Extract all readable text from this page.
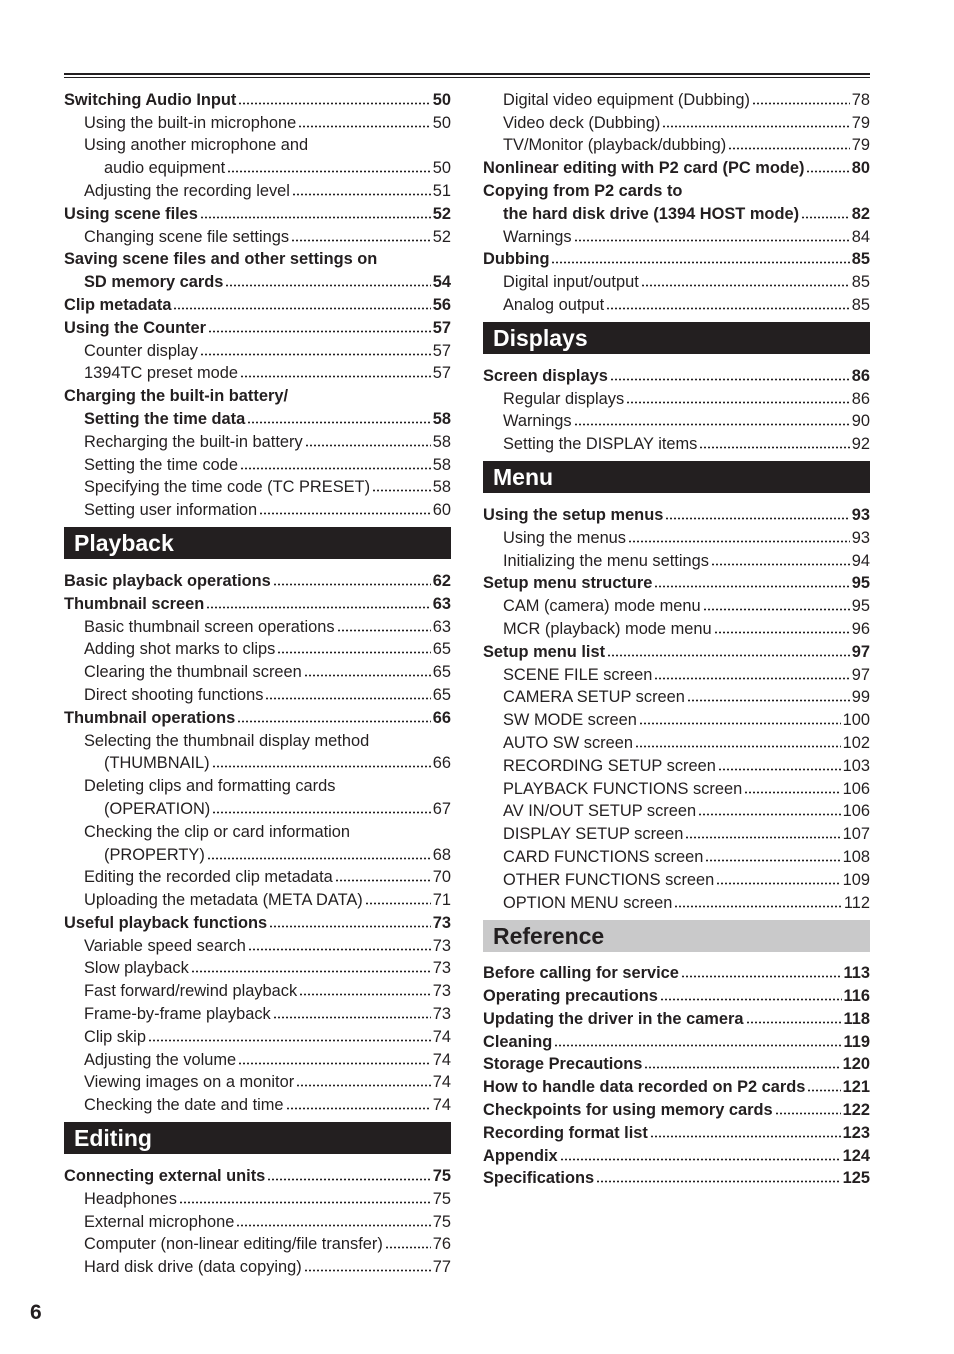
Switching Audio Input	50
Using the built-in microphone	50
Using another microphone and
audio equipment	50
Adjusting the recording level	51
Using scene files	52
Changing scene file settings	52
Saving scene files and other settings on
SD memory cards	54
Clip metadata	56
Using the Counter	57
Counter display	57
1394TC preset mode	57
Charging the built-in battery/
Setting the time data	58
Recharging the built-in battery	58
Setting the time code	58
Specifying the time code (TC PRESET)	58
Setting user information	60
Playback
Basic playback operations	62
Thumbnail screen	63
Basic thumbnail screen operations	63
Adding shot marks to clips	65
Clearing the thumbnail screen	65
Direct shooting functions	65
Thumbnail operations	66
Selecting the thumbnail display method
(THUMBNAIL)	66
Deleting clips and formatting cards
(OPERATION)	67
Checking the clip or card information
(PROPERTY)	68
Editing the recorded clip metadata	70
Uploading the metadata (META DATA)	71
Useful playback functions	73
Variable speed search	73
Slow playback	73
Fast forward/rewind playback	73
Frame-by-frame playback	73
Clip skip	74
Adjusting the volume	74
Viewing images on a monitor	74
Checking the date and time	74
Editing
Connecting external units	75
Headphones	75
External microphone	75
Computer (non-linear editing/file transfer)	76
Hard disk drive (data copying)	77
Digital video equipment (Dubbing)	78
Video deck (Dubbing)	79
TV/Monitor (playback/dubbing)	79
Nonlinear editing with P2 card (PC mode)	80
Copying from P2 cards to
the hard disk drive (1394 HOST mode)	82
Warnings	84
Dubbing	85
Digital input/output	85
Analog output	85
Displays
Screen displays	86
Regular displays	86
Warnings	90
Setting the DISPLAY items	92
Menu
Using the setup menus	93
Using the menus	93
Initializing the menu settings	94
Setup menu structure	95
CAM (camera) mode menu	95
MCR (playback) mode menu	96
Setup menu list	97
SCENE FILE screen	97
CAMERA SETUP screen	99
SW MODE screen	100
AUTO SW screen	102
RECORDING SETUP screen	103
PLAYBACK FUNCTIONS screen	106
AV IN/OUT SETUP screen	106
DISPLAY SETUP screen	107
CARD FUNCTIONS screen	108
OTHER FUNCTIONS screen	109
OPTION MENU screen	112
Reference
Before calling for service	113
Operating precautions	116
Updating the driver in the camera	118
Cleaning	119
Storage Precautions	120
How to handle data recorded on P2 cards 121
Checkpoints for using memory cards	122
Recording format list	123
Appendix	124
Specifications	125
6
